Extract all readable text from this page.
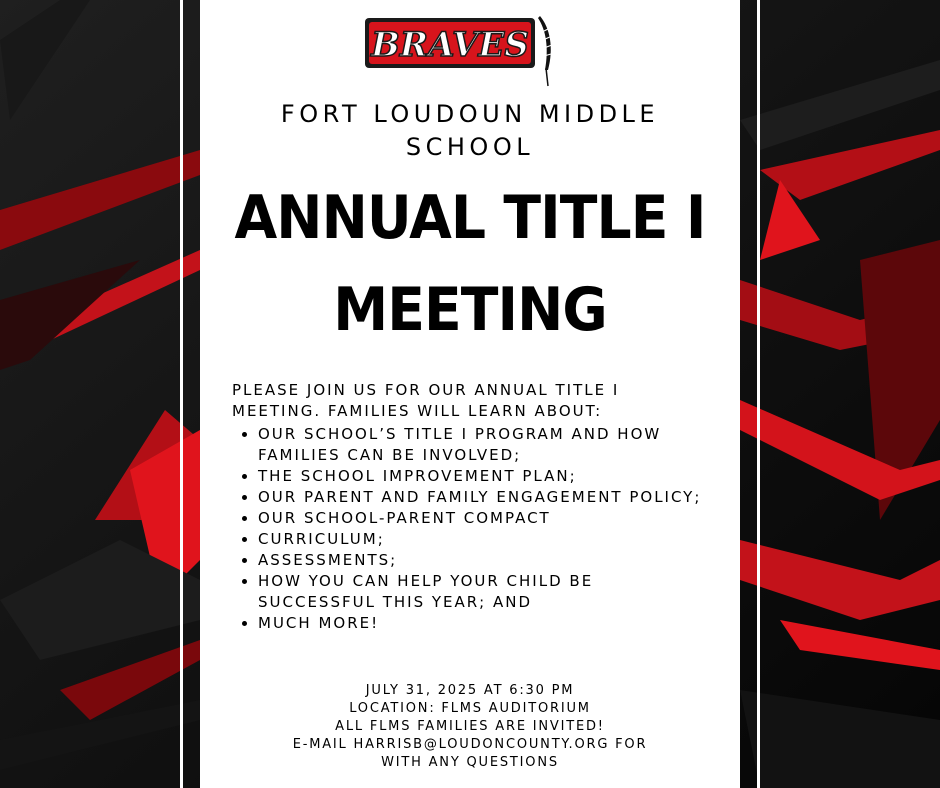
BRAVES
FORT LOUDOUN MIDDLE
SCHOOL
ANNUAL TITLE I
MEETING

PLEASE JOIN US FOR OUR ANNUAL TITLE I MEETING. FAMILIES WILL LEARN ABOUT:

OUR SCHOOL’S TITLE I PROGRAM AND HOW FAMILIES CAN BE INVOLVED;
THE SCHOOL IMPROVEMENT PLAN;
OUR PARENT AND FAMILY ENGAGEMENT POLICY;
OUR SCHOOL-PARENT COMPACT
CURRICULUM;
ASSESSMENTS;
HOW YOU CAN HELP YOUR CHILD BE SUCCESSFUL THIS YEAR; AND
MUCH MORE!
JULY 31, 2025 AT 6:30 PM
LOCATION: FLMS AUDITORIUM
ALL FLMS FAMILIES ARE INVITED!
E-MAIL HARRISB@LOUDONCOUNTY.ORG FOR
WITH ANY QUESTIONS
